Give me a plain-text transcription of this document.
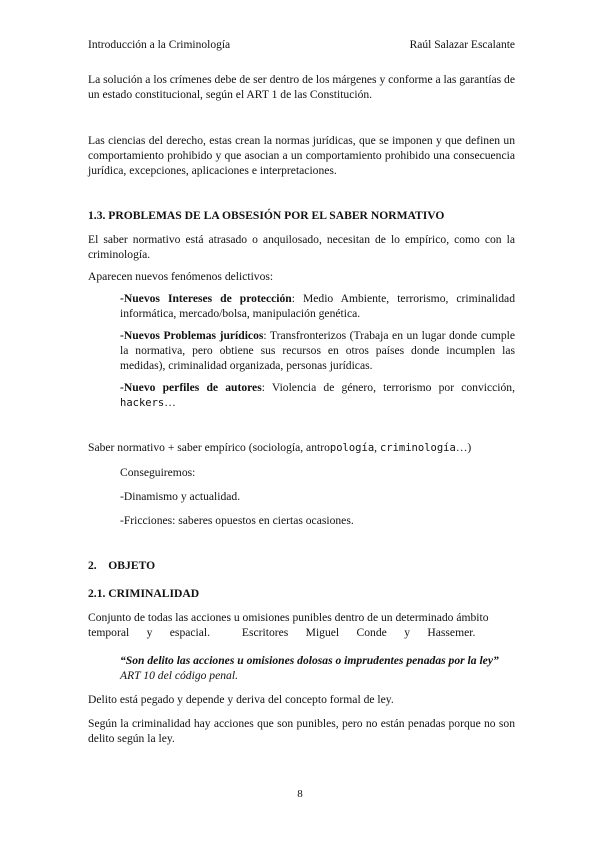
Introducción a la Criminología	Raúl Salazar Escalante

La solución a los crímenes debe de ser dentro de los márgenes y conforme a las garantías de un estado constitucional, según el ART 1 de las Constitución.

Las ciencias del derecho, estas crean la normas jurídicas, que se imponen y que definen un comportamiento prohibido y que asocian a un comportamiento prohibido una consecuencia jurídica, excepciones, aplicaciones e interpretaciones.

1.3. PROBLEMAS DE LA OBSESIÓN POR EL SABER NORMATIVO

El saber normativo está atrasado o anquilosado, necesitan de lo empírico, como con la criminología.

Aparecen nuevos fenómenos delictivos:

-Nuevos Intereses de protección: Medio Ambiente, terrorismo, criminalidad informática, mercado/bolsa, manipulación genética.

-Nuevos Problemas jurídicos: Transfronterizos (Trabaja en un lugar donde cumple la normativa, pero obtiene sus recursos en otros países donde incumplen las medidas), criminalidad organizada, personas jurídicas.

-Nuevo perfiles de autores: Violencia de género, terrorismo por convicción, hackers…

Saber normativo + saber empírico (sociología, antropología, criminología…)

Conseguiremos:

-Dinamismo y actualidad.

-Fricciones: saberes opuestos en ciertas ocasiones.

2.    OBJETO

2.1. CRIMINALIDAD

Conjunto de todas las acciones u omisiones punibles dentro de un determinado ámbito
temporal      y      espacial.           Escritores      Miguel      Conde      y      Hassemer.

“Son delito las acciones u omisiones dolosas o imprudentes penadas por la ley”

ART 10 del código penal.

Delito está pegado y depende y deriva del concepto formal de ley.

Según la criminalidad hay acciones que son punibles, pero no están penadas porque no son delito según la ley.

8
